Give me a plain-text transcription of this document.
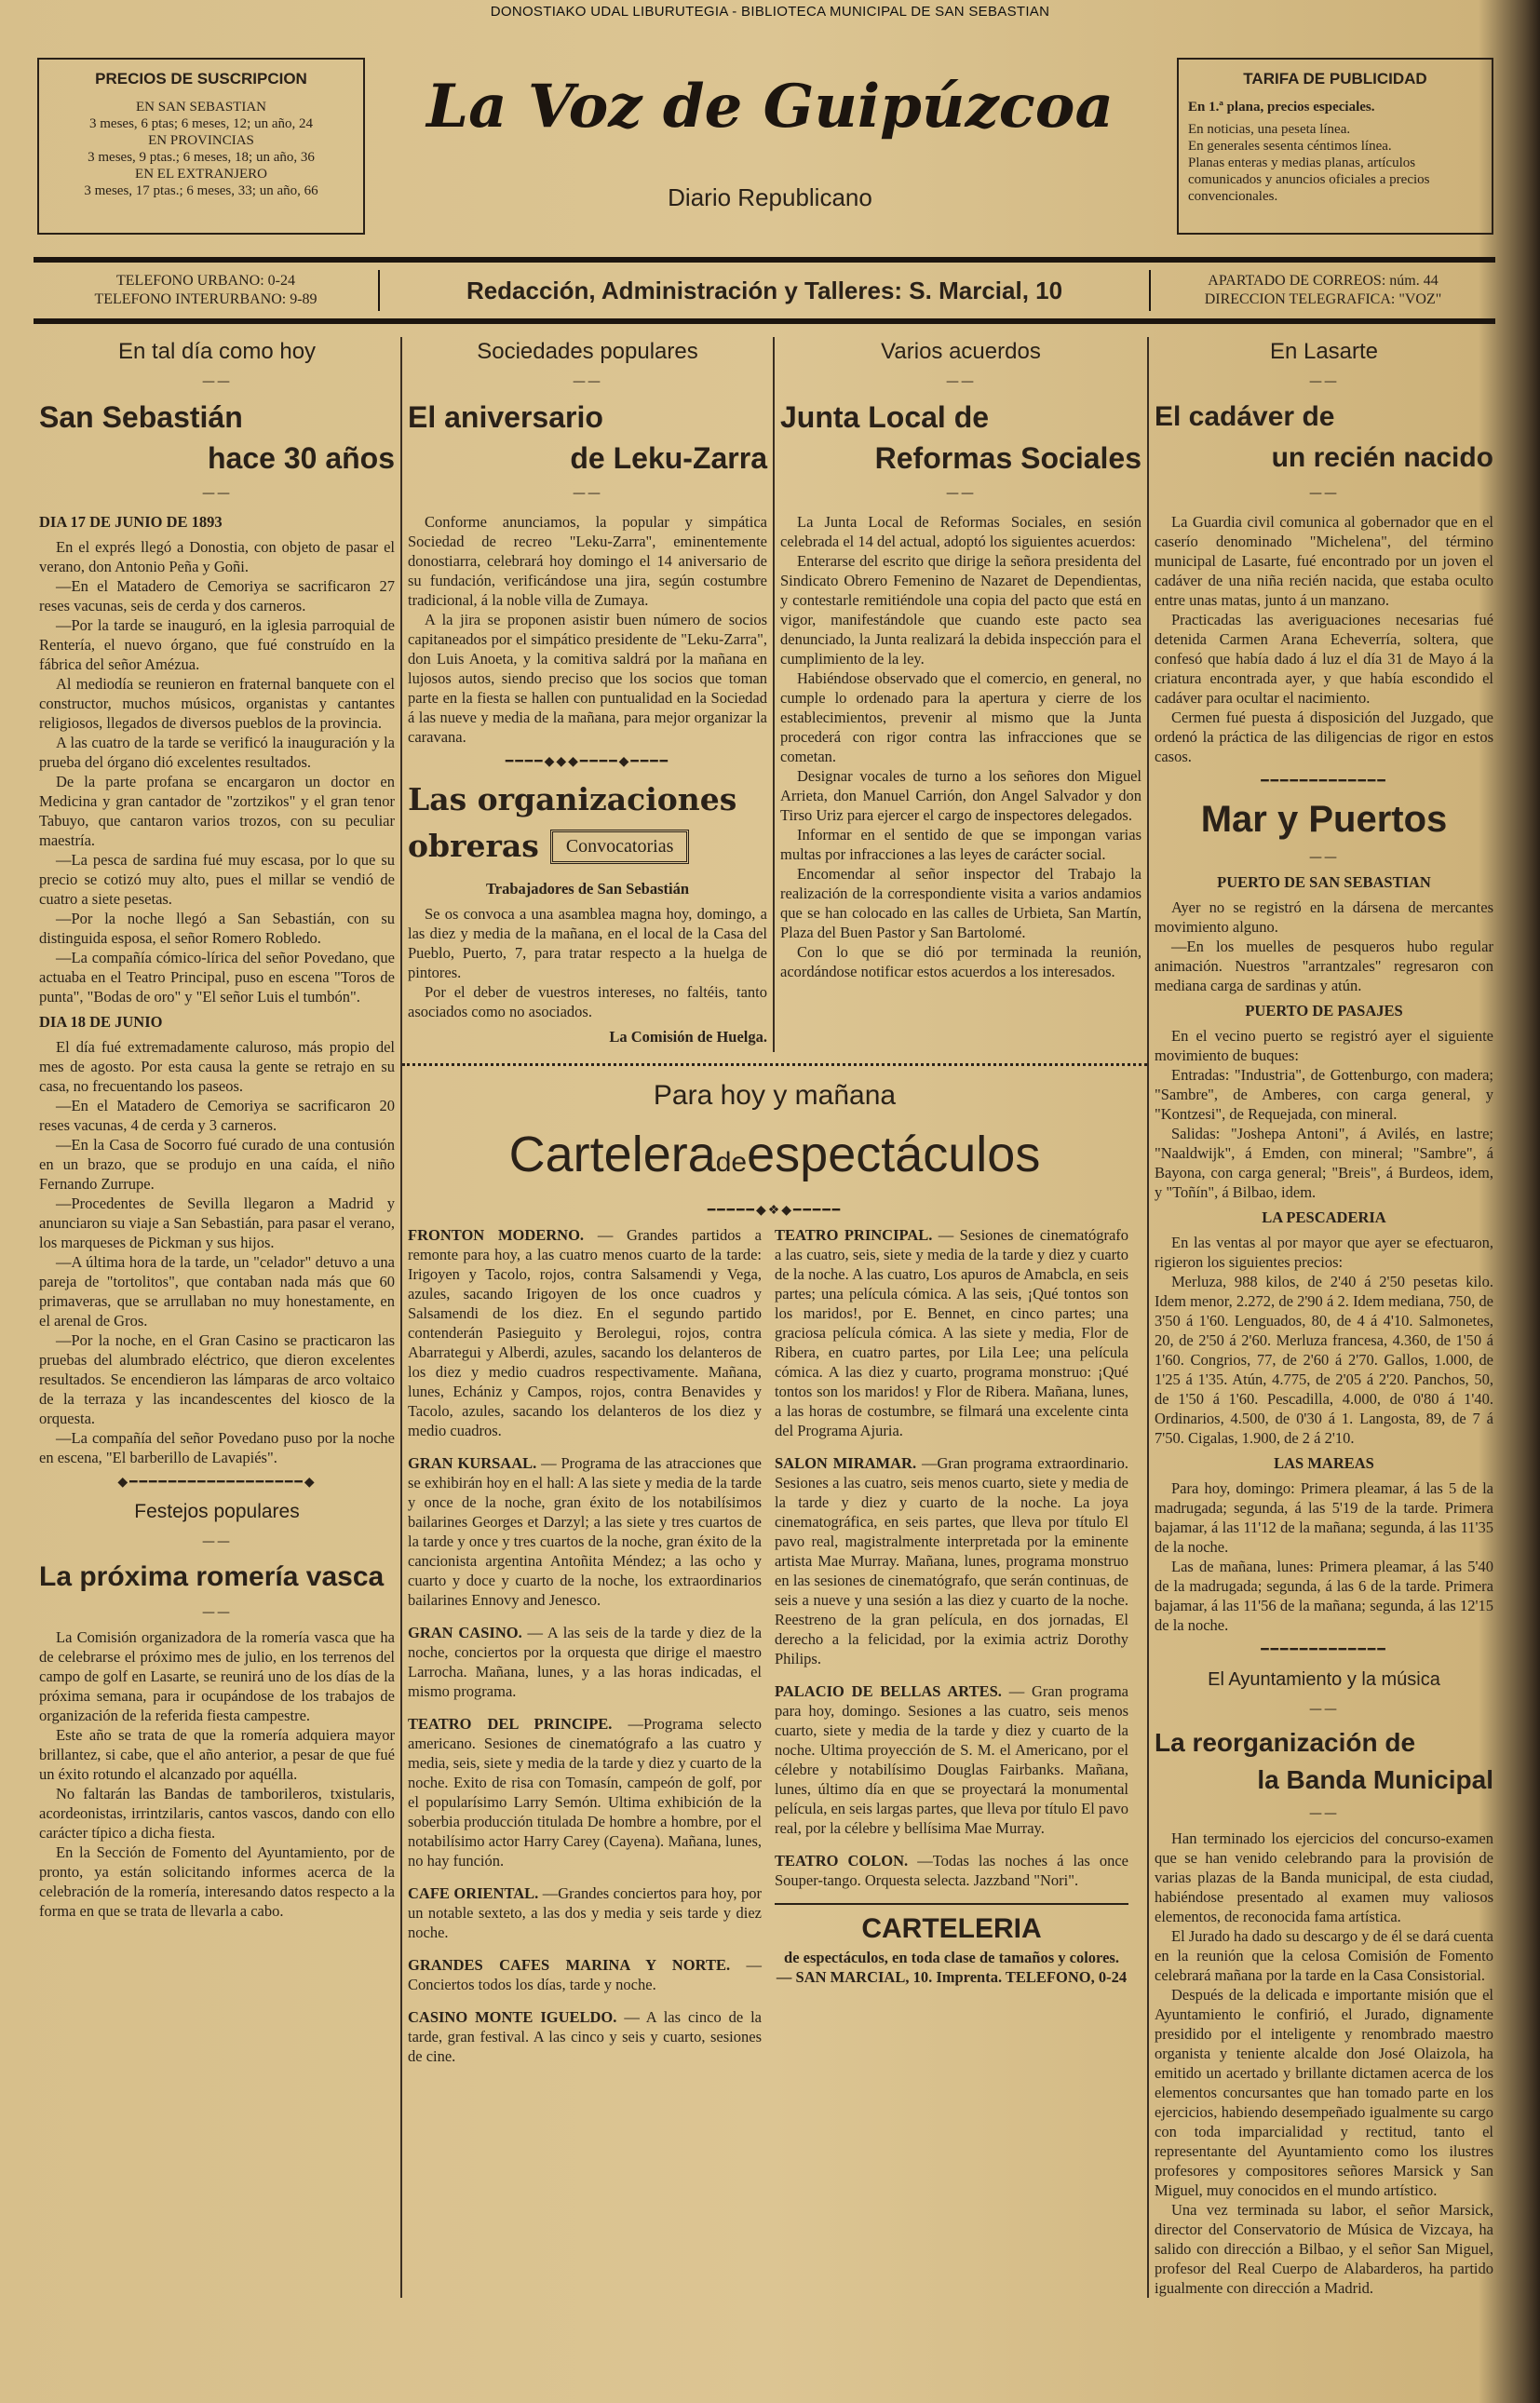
DONOSTIAKO UDAL LIBURUTEGIA - BIBLIOTECA MUNICIPAL DE SAN SEBASTIAN
PRECIOS DE SUSCRIPCION
EN SAN SEBASTIAN
3 meses, 6 ptas; 6 meses, 12; un año, 24
EN PROVINCIAS
3 meses, 9 ptas.; 6 meses, 18; un año, 36
EN EL EXTRANJERO
3 meses, 17 ptas.; 6 meses, 33; un año, 66
La Voz de Guipúzcoa
Diario Republicano
TARIFA DE PUBLICIDAD
En 1.ª plana, precios especiales.
En noticias, una peseta línea.
En generales sesenta céntimos línea.
Planas enteras y medias planas, artículos comunicados y anuncios oficiales a precios convencionales.
TELEFONO URBANO: 0-24
TELEFONO INTERURBANO: 9-89	Redacción, Administración y Talleres: S. Marcial, 10	APARTADO DE CORREOS: núm. 44
DIRECCION TELEGRAFICA: "VOZ"
En tal día como hoy
——
San Sebastián
hace 30 años
——

DIA 17 DE JUNIO DE 1893

En el exprés llegó a Donostia, con objeto de pasar el verano, don Antonio Peña y Goñi.

—En el Matadero de Cemoriya se sacrificaron 27 reses vacunas, seis de cerda y dos carneros.

—Por la tarde se inauguró, en la iglesia parroquial de Rentería, el nuevo órgano, que fué construído en la fábrica del señor Amézua.

Al mediodía se reunieron en fraternal banquete con el constructor, muchos músicos, organistas y cantantes religiosos, llegados de diversos pueblos de la provincia.

A las cuatro de la tarde se verificó la inauguración y la prueba del órgano dió excelentes resultados.

De la parte profana se encargaron un doctor en Medicina y gran cantador de "zortzikos" y el gran tenor Tabuyo, que cantaron varios trozos, con su peculiar maestría.

—La pesca de sardina fué muy escasa, por lo que su precio se cotizó muy alto, pues el millar se vendió de cuatro a siete pesetas.

—Por la noche llegó a San Sebastián, con su distinguida esposa, el señor Romero Robledo.

—La compañía cómico-lírica del señor Povedano, que actuaba en el Teatro Principal, puso en escena "Toros de punta", "Bodas de oro" y "El señor Luis el tumbón".

DIA 18 DE JUNIO

El día fué extremadamente caluroso, más propio del mes de agosto. Por esta causa la gente se retrajo en su casa, no frecuentando los paseos.

—En el Matadero de Cemoriya se sacrificaron 20 reses vacunas, 4 de cerda y 3 carneros.

—En la Casa de Socorro fué curado de una contusión en un brazo, que se produjo en una caída, el niño Fernando Zurrupe.

—Procedentes de Sevilla llegaron a Madrid y anunciaron su viaje a San Sebastián, para pasar el verano, los marqueses de Pickman y sus hijos.

—A última hora de la tarde, un "celador" detuvo a una pareja de "tortolitos", que contaban nada más que 60 primaveras, que se arrullaban no muy honestamente, en el arenal de Gros.

—Por la noche, en el Gran Casino se practicaron las pruebas del alumbrado eléctrico, que dieron excelentes resultados. Se encendieron las lámparas de arco voltaico de la terraza y las incandescentes del kiosco de la orquesta.

—La compañía del señor Povedano puso por la noche en escena, "El barberillo de Lavapiés".

◆━━━━━━━━━━━━━━━━━━◆
Festejos populares
——
La próxima romería vasca
——

La Comisión organizadora de la romería vasca que ha de celebrarse el próximo mes de julio, en los terrenos del campo de golf en Lasarte, se reunirá uno de los días de la próxima semana, para ir ocupándose de los trabajos de organización de la referida fiesta campestre.

Este año se trata de que la romería adquiera mayor brillantez, si cabe, que el año anterior, a pesar de que fué un éxito rotundo el alcanzado por aquélla.

No faltarán las Bandas de tamborileros, txistularis, acordeonistas, irrintzilaris, cantos vascos, dando con ello carácter típico a dicha fiesta.

En la Sección de Fomento del Ayuntamiento, por de pronto, ya están solicitando informes acerca de la celebración de la romería, interesando datos respecto a la forma en que se trata de llevarla a cabo.

Sociedades populares
——
El aniversario
de Leku-Zarra
——

Conforme anunciamos, la popular y simpática Sociedad de recreo "Leku-Zarra", eminentemente donostiarra, celebrará hoy domingo el 14 aniversario de su fundación, verificándose una jira, según costumbre tradicional, á la noble villa de Zumaya.

A la jira se proponen asistir buen número de socios capitaneados por el simpático presidente de "Leku-Zarra", don Luis Anoeta, y la comitiva saldrá por la mañana en lujosos autos, siendo preciso que los socios que toman parte en la fiesta se hallen con puntualidad en la Sociedad á las nueve y media de la mañana, para mejor organizar la caravana.

━━━━◆◆◆━━━━◆━━━━
Las organizaciones
obreras	Convocatorias

Trabajadores de San Sebastián

Se os convoca a una asamblea magna hoy, domingo, a las diez y media de la mañana, en el local de la Casa del Pueblo, Puerto, 7, para tratar respecto a la huelga de pintores.

Por el deber de vuestros intereses, no faltéis, tanto asociados como no asociados.

La Comisión de Huelga.

Varios acuerdos
——
Junta Local de
Reformas Sociales
——

La Junta Local de Reformas Sociales, en sesión celebrada el 14 del actual, adoptó los siguientes acuerdos:

Enterarse del escrito que dirige la señora presidenta del Sindicato Obrero Femenino de Nazaret de Dependientas, y contestarle remitiéndole una copia del pacto que está en vigor, manifestándole que cuando este pacto sea denunciado, la Junta realizará la debida inspección para el cumplimiento de la ley.

Habiéndose observado que el comercio, en general, no cumple lo ordenado para la apertura y cierre de los establecimientos, prevenir al mismo que la Junta procederá con rigor contra las infracciones que se cometan.

Designar vocales de turno a los señores don Miguel Arrieta, don Manuel Carrión, don Angel Salvador y don Tirso Uriz para ejercer el cargo de inspectores delegados.

Informar en el sentido de que se impongan varias multas por infracciones a las leyes de carácter social.

Encomendar al señor inspector del Trabajo la realización de la correspondiente visita a varios andamios que se han colocado en las calles de Urbieta, San Martín, Plaza del Buen Pastor y San Bartolomé.

Con lo que se dió por terminada la reunión, acordándose notificar estos acuerdos a los interesados.

Para hoy y mañana
Carteleradeespectáculos
━━━━━◆❖◆━━━━━

FRONTON MODERNO. — Grandes partidos a remonte para hoy, a las cuatro menos cuarto de la tarde: Irigoyen y Tacolo, rojos, contra Salsamendi y Vega, azules, sacando Irigoyen de los once cuadros y Salsamendi de los diez. En el segundo partido contenderán Pasieguito y Berolegui, rojos, contra Abarrategui y Alberdi, azules, sacando los delanteros de los diez y medio cuadros respectivamente. Mañana, lunes, Echániz y Campos, rojos, contra Benavides y Tacolo, azules, sacando los delanteros de los diez y medio cuadros.

GRAN KURSAAL. — Programa de las atracciones que se exhibirán hoy en el hall: A las siete y media de la tarde y once de la noche, gran éxito de los notabilísimos bailarines Georges et Darzyl; a las siete y tres cuartos de la tarde y once y tres cuartos de la noche, gran éxito de la cancionista argentina Antoñita Méndez; a las ocho y cuarto y doce y cuarto de la noche, los extraordinarios bailarines Ennovy and Jenesco.

GRAN CASINO. — A las seis de la tarde y diez de la noche, conciertos por la orquesta que dirige el maestro Larrocha. Mañana, lunes, y a las horas indicadas, el mismo programa.

TEATRO DEL PRINCIPE. —Programa selecto americano. Sesiones de cinematógrafo a las cuatro y media, seis, siete y media de la tarde y diez y cuarto de la noche. Exito de risa con Tomasín, campeón de golf, por el popularísimo Larry Semón. Ultima exhibición de la soberbia producción titulada De hombre a hombre, por el notabilísimo actor Harry Carey (Cayena). Mañana, lunes, no hay función.

CAFE ORIENTAL. —Grandes conciertos para hoy, por un notable sexteto, a las dos y media y seis tarde y diez noche.

GRANDES CAFES MARINA Y NORTE. —Conciertos todos los días, tarde y noche.

CASINO MONTE IGUELDO. — A las cinco de la tarde, gran festival. A las cinco y seis y cuarto, sesiones de cine.

TEATRO PRINCIPAL. — Sesiones de cinematógrafo a las cuatro, seis, siete y media de la tarde y diez y cuarto de la noche. A las cuatro, Los apuros de Amabcla, en seis partes; una película cómica. A las seis, ¡Qué tontos son los maridos!, por E. Bennet, en cinco partes; una graciosa película cómica. A las siete y media, Flor de Ribera, en cuatro partes, por Lila Lee; una película cómica. A las diez y cuarto, programa monstruo: ¡Qué tontos son los maridos! y Flor de Ribera. Mañana, lunes, a las horas de costumbre, se filmará una excelente cinta del Programa Ajuria.

SALON MIRAMAR. —Gran programa extraordinario. Sesiones a las cuatro, seis menos cuarto, siete y media de la tarde y diez y cuarto de la noche. La joya cinematográfica, en seis partes, que lleva por título El pavo real, magistralmente interpretada por la eminente artista Mae Murray. Mañana, lunes, programa monstruo en las sesiones de cinematógrafo, que serán continuas, de seis a nueve y una sesión a las diez y cuarto de la noche. Reestreno de la gran película, en dos jornadas, El derecho a la felicidad, por la eximia actriz Dorothy Philips.

PALACIO DE BELLAS ARTES. — Gran programa para hoy, domingo. Sesiones a las cuatro, seis menos cuarto, siete y media de la tarde y diez y cuarto de la noche. Ultima proyección de S. M. el Americano, por el célebre y notabilísimo Douglas Fairbanks. Mañana, lunes, último día en que se proyectará la monumental película, en seis largas partes, que lleva por título El pavo real, por la célebre y bellísima Mae Murray.

TEATRO COLON. —Todas las noches á las once Souper-tango. Orquesta selecta. Jazzband "Nori".

CARTELERIA
de espectáculos, en toda clase de tamaños y colores. — SAN MARCIAL, 10. Imprenta. TELEFONO, 0-24
En Lasarte
——
El cadáver de
un recién nacido
——

La Guardia civil comunica al gobernador que en el caserío denominado "Michelena", del término municipal de Lasarte, fué encontrado por un joven el cadáver de una niña recién nacida, que estaba oculto entre unas matas, junto á un manzano.

Practicadas las averiguaciones necesarias fué detenida Carmen Arana Echeverría, soltera, que confesó que había dado á luz el día 31 de Mayo á la criatura encontrada ayer, y que había escondido el cadáver para ocultar el nacimiento.

Cermen fué puesta á disposición del Juzgado, que ordenó la práctica de las diligencias de rigor en estos casos.

━━━━━━━━━━━━━
Mar y Puertos
——

PUERTO DE SAN SEBASTIAN

Ayer no se registró en la dársena de mercantes movimiento alguno.

—En los muelles de pesqueros hubo regular animación. Nuestros "arrantzales" regresaron con mediana carga de sardinas y atún.

PUERTO DE PASAJES

En el vecino puerto se registró ayer el siguiente movimiento de buques:

Entradas: "Industria", de Gottenburgo, con madera; "Sambre", de Amberes, con carga general, y "Kontzesi", de Requejada, con mineral.

Salidas: "Joshepa Antoni", á Avilés, en lastre; "Naaldwijk", á Emden, con mineral; "Sambre", á Bayona, con carga general; "Breis", á Burdeos, idem, y "Toñín", á Bilbao, idem.

LA PESCADERIA

En las ventas al por mayor que ayer se efectuaron, rigieron los siguientes precios:

Merluza, 988 kilos, de 2'40 á 2'50 pesetas kilo. Idem menor, 2.272, de 2'90 á 2. Idem mediana, 750, de 3'50 á 1'60. Lenguados, 80, de 4 á 4'10. Salmonetes, 20, de 2'50 á 2'60. Merluza francesa, 4.360, de 1'50 á 1'60. Congrios, 77, de 2'60 á 2'70. Gallos, 1.000, de 1'25 á 1'35. Atún, 4.775, de 2'05 á 2'20. Panchos, 50, de 1'50 á 1'60. Pescadilla, 4.000, de 0'80 á 1'40. Ordinarios, 4.500, de 0'30 á 1. Langosta, 89, de 7 á 7'50. Cigalas, 1.900, de 2 á 2'10.

LAS MAREAS

Para hoy, domingo: Primera pleamar, á las 5 de la madrugada; segunda, á las 5'19 de la tarde. Primera bajamar, á las 11'12 de la mañana; segunda, á las 11'35 de la noche.

Las de mañana, lunes: Primera pleamar, á las 5'40 de la madrugada; segunda, á las 6 de la tarde. Primera bajamar, á las 11'56 de la mañana; segunda, á las 12'15 de la noche.

━━━━━━━━━━━━━
El Ayuntamiento y la música
——
La reorganización de
la Banda Municipal
——

Han terminado los ejercicios del concurso-examen que se han venido celebrando para la provisión de varias plazas de la Banda municipal, de esta ciudad, habiéndose presentado al examen muy valiosos elementos, de reconocida fama artística.

El Jurado ha dado su descargo y de él se dará cuenta en la reunión que la celosa Comisión de Fomento celebrará mañana por la tarde en la Casa Consistorial.

Después de la delicada e importante misión que el Ayuntamiento le confirió, el Jurado, dignamente presidido por el inteligente y renombrado maestro organista y teniente alcalde don José Olaizola, ha emitido un acertado y brillante dictamen acerca de los elementos concursantes que han tomado parte en los ejercicios, habiendo desempeñado igualmente su cargo con toda imparcialidad y rectitud, tanto el representante del Ayuntamiento como los ilustres profesores y compositores señores Marsick y San Miguel, muy conocidos en el mundo artístico.

Una vez terminada su labor, el señor Marsick, director del Conservatorio de Música de Vizcaya, ha salido con dirección a Bilbao, y el señor San Miguel, profesor del Real Cuerpo de Alabarderos, ha partido igualmente con dirección a Madrid.
